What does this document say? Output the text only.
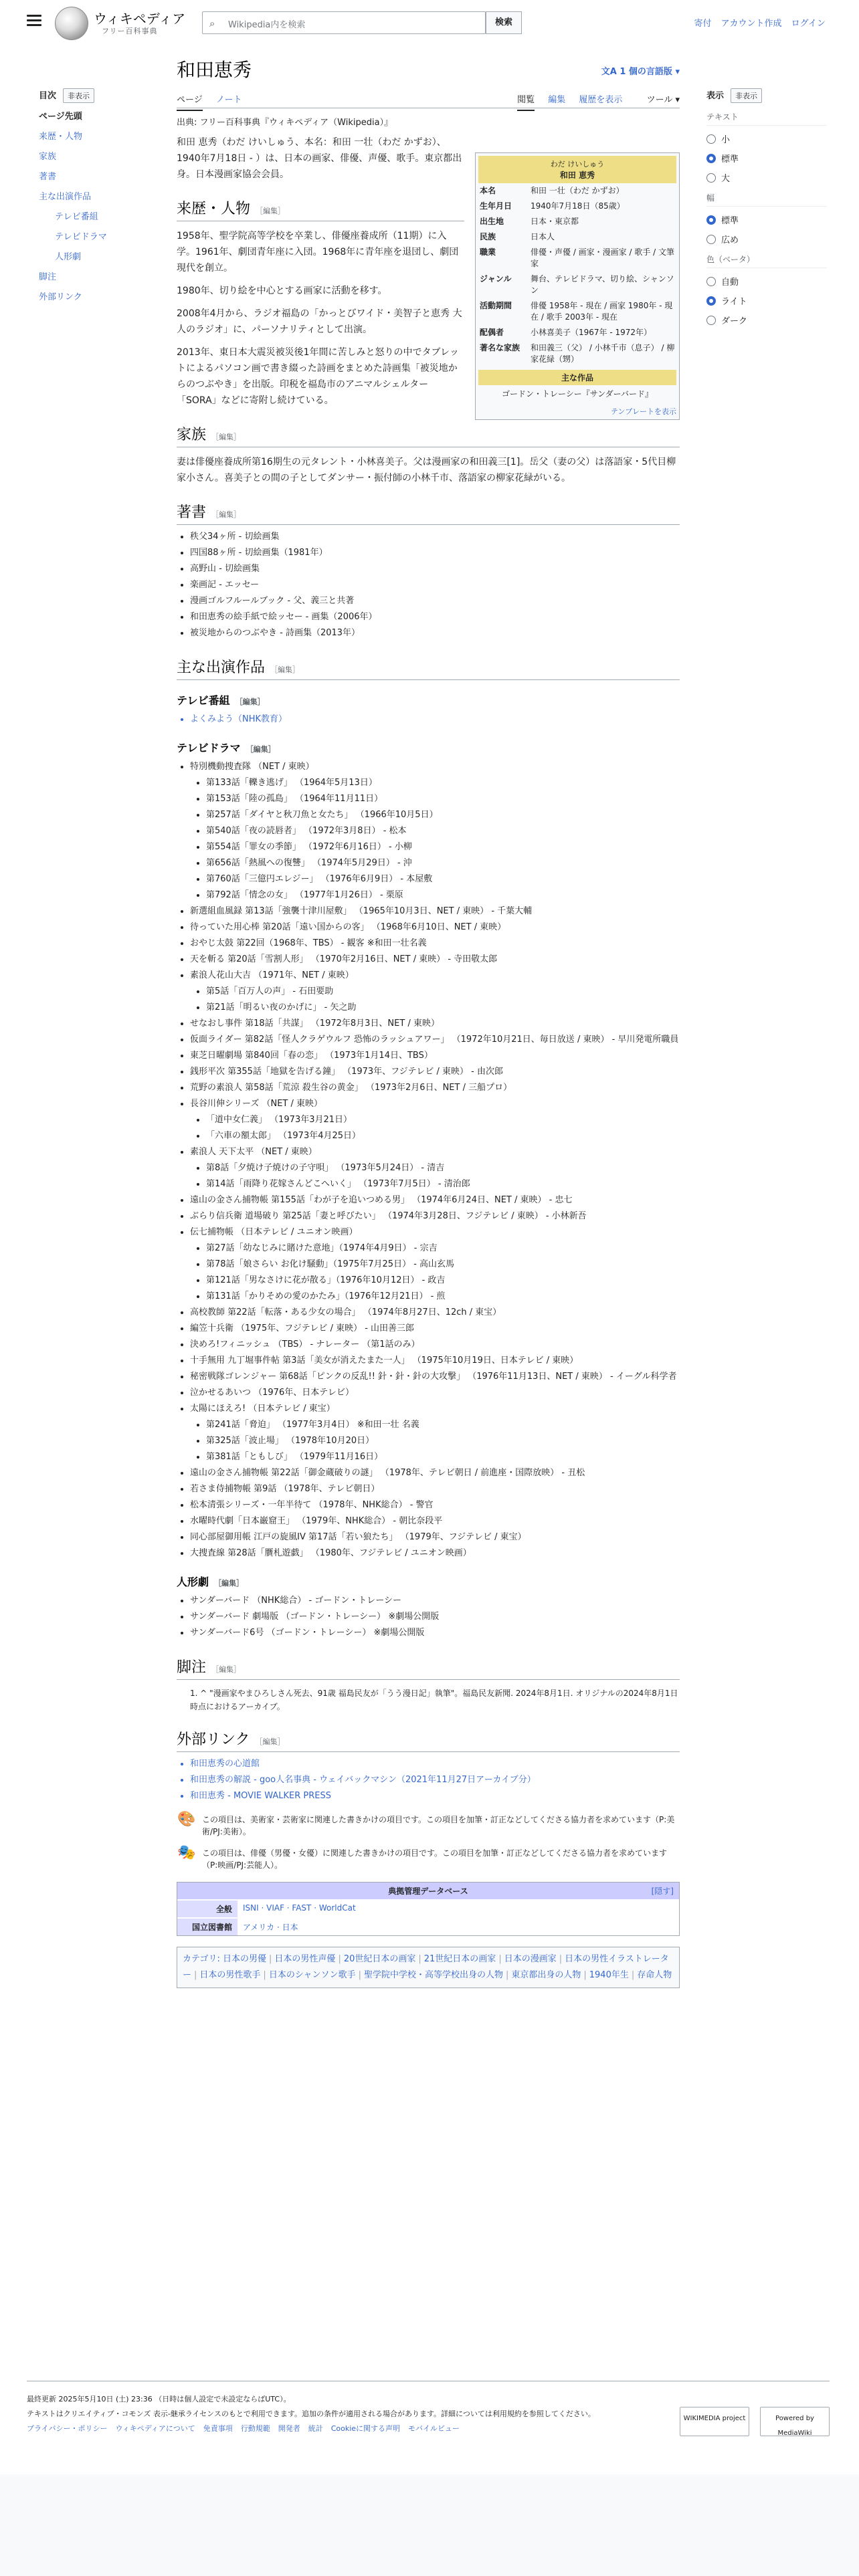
ウィキペディア
フリー百科事典
⌕ Wikipedia内を検索	検索	寄付 アカウント作成 ログイン
目次 非表示
ページ先頭
来歴・人物
家族
著書
主な出演作品
テレビ番組
テレビドラマ
人形劇
脚注
外部リンク
和田恵秀	文A 1 個の言語版 ▾
ページ ノート	閲覧 編集 履歴を表示	ツール ▾
出典: フリー百科事典『ウィキペディア（Wikipedia）』

和田 恵秀（わだ けいしゅう、本名：和田 一壮（わだ かずお）、1940年7月18日 - ）は、日本の画家、俳優、声優、歌手。東京都出身。日本漫画家協会会員。

来歴・人物 ［編集］

1958年、聖学院高等学校を卒業し、俳優座養成所（11期）に入学。1961年、劇団青年座に入団。1968年に青年座を退団し、劇団現代を創立。

1980年、切り絵を中心とする画家に活動を移す。

2008年4月から、ラジオ福島の「かっとびワイド・美智子と恵秀 大人のラジオ」に、パーソナリティとして出演。

2013年、東日本大震災被災後1年間に苦しみと怒りの中でタブレットによるパソコン画で書き綴った詩画をまとめた詩画集「被災地からのつぶやき」を出版。印税を福島市のアニマルシェルター「SORA」などに寄附し続けている。

家族 ［編集］

妻は俳優座養成所第16期生の元タレント・小林喜美子。父は漫画家の和田義三[1]。岳父（妻の父）は落語家・5代目柳家小さん。喜美子との間の子としてダンサー・振付師の小林千市、落語家の柳家花緑がいる。

著書 ［編集］
• 秩父34ヶ所 - 切絵画集
• 四国88ヶ所 - 切絵画集（1981年）
• 高野山 - 切絵画集
• 楽画記 - エッセー
• 漫画ゴルフルールブック - 父、義三と共著
• 和田恵秀の絵手紙で絵ッセー - 画集（2006年）
• 被災地からのつぶやき - 詩画集（2013年）
主な出演作品 ［編集］
テレビ番組 ［編集］
• よくみよう（NHK教育）
テレビドラマ ［編集］
• 特別機動捜査隊 （NET / 東映）
• 第133話「轢き逃げ」 （1964年5月13日）
• 第153話「陸の孤島」 （1964年11月11日）
• 第257話「ダイヤと秋刀魚と女たち」 （1966年10月5日）
• 第540話「夜の読唇者」 （1972年3月8日） - 松本
• 第554話「罪女の季節」 （1972年6月16日） - 小柳
• 第656話「熱風への復讐」 （1974年5月29日） - 沖
• 第760話「三億円エレジー」 （1976年6月9日） - 本屋敷
• 第792話「情念の女」 （1977年1月26日） - 栗原
• 新選組血風録 第13話「強襲十津川屋敷」 （1965年10月3日、NET / 東映） - 千葉大輔
• 待っていた用心棒 第20話「遠い国からの客」 （1968年6月10日、NET / 東映）
• おやじ太鼓 第22回（1968年、TBS） - 観客 ※和田一壮名義
• 天を斬る 第20話「雪割人形」 （1970年2月16日、NET / 東映） - 寺田敬太郎
• 素浪人花山大吉 （1971年、NET / 東映）
• 第5話「百万人の声」 - 石田要助
• 第21話「明るい夜のかげに」 - 矢之助
• せなおし事件 第18話「共謀」 （1972年8月3日、NET / 東映）
• 仮面ライダー 第82話「怪人クラゲウルフ 恐怖のラッシュアワー」 （1972年10月21日、毎日放送 / 東映） - 早川発電所職員
• 東芝日曜劇場 第840回「春の恋」 （1973年1月14日、TBS）
• 銭形平次 第355話「地獄を告げる鐘」 （1973年、フジテレビ / 東映） - 由次郎
• 荒野の素浪人 第58話「荒涼 殺生谷の黄金」 （1973年2月6日、NET / 三船プロ）
• 長谷川伸シリーズ （NET / 東映）
• 「道中女仁義」 （1973年3月21日）
• 「六車の額太郎」 （1973年4月25日）
• 素浪人 天下太平 （NET / 東映）
• 第8話「夕焼け子焼けの子守唄」 （1973年5月24日） - 清吉
• 第14話「雨降り花嫁さんどこへいく」 （1973年7月5日） - 清治郎
• 遠山の金さん捕物帳 第155話「わが子を追いつめる男」 （1974年6月24日、NET / 東映） - 忠七
• ぶらり信兵衛 道場破り 第25話「妻と呼びたい」 （1974年3月28日、フジテレビ / 東映） - 小林新吾
• 伝七捕物帳 （日本テレビ / ユニオン映画）
• 第27話「幼なじみに賭けた意地」（1974年4月9日） - 宗吉
• 第78話「娘さらい お化け騒動」（1975年7月25日） - 高山玄馬
• 第121話「男なさけに花が散る」（1976年10月12日） - 政吉
• 第131話「かりそめの愛のかたみ」（1976年12月21日） - 煎
• 高校教師 第22話「転落・ある少女の場合」 （1974年8月27日、12ch / 東宝）
• 編笠十兵衛 （1975年、フジテレビ / 東映） - 山田善三郎
• 決めろ!フィニッシュ （TBS） - ナレーター （第1話のみ）
• 十手無用 九丁堀事件帖 第3話「美女が消えたまた一人」 （1975年10月19日、日本テレビ / 東映）
• 秘密戦隊ゴレンジャー 第68話「ピンクの反乱!! 針・針・針の大攻撃」 （1976年11月13日、NET / 東映） - イーグル科学者
• 泣かせるあいつ （1976年、日本テレビ）
• 太陽にほえろ! （日本テレビ / 東宝）
• 第241話「脅迫」 （1977年3月4日） ※和田一壮 名義
• 第325話「波止場」 （1978年10月20日）
• 第381話「ともしび」 （1979年11月16日）
• 遠山の金さん捕物帳 第22話「御金蔵破りの謎」 （1978年、テレビ朝日 / 前進座・国際放映） - 丑松
• 若さま侍捕物帳 第9話 （1978年、テレビ朝日）
• 松本清張シリーズ・一年半待て （1978年、NHK総合） - 警官
• 水曜時代劇「日本巌窟王」 （1979年、NHK総合） - 朝比奈段平
• 同心部屋御用帳 江戸の旋風IV 第17話「若い狼たち」 （1979年、フジテレビ / 東宝）
• 大捜査線 第28話「贋札遊戯」 （1980年、フジテレビ / ユニオン映画）
人形劇 ［編集］
• サンダーバード （NHK総合） - ゴードン・トレーシー
• サンダーバード 劇場版 （ゴードン・トレーシー） ※劇場公開版
• サンダーバード6号 （ゴードン・トレーシー） ※劇場公開版
脚注 ［編集］

1. ^ "漫画家やまひろしさん死去、91歳 福島民友が「うう漫日記」執筆"。福島民友新聞. 2024年8月1日. オリジナルの2024年8月1日時点におけるアーカイブ。

外部リンク ［編集］
• 和田恵秀の心道館
• 和田恵秀の解説 - goo人名事典 - ウェイバックマシン（2021年11月27日アーカイブ分）
• 和田恵秀 - MOVIE WALKER PRESS
🎨 この項目は、美術家・芸術家に関連した書きかけの項目です。この項目を加筆・訂正などしてくださる協力者を求めています（P:美術/PJ:美術）。
🎭 この項目は、俳優（男優・女優）に関連した書きかけの項目です。この項目を加筆・訂正などしてくださる協力者を求めています（P:映画/PJ:芸能人）。
典拠管理データベース	[隠す]
全般	ISNI · VIAF · FAST · WorldCat
国立図書館	アメリカ · 日本
カテゴリ: 日本の男優 | 日本の男性声優 | 20世紀日本の画家 | 21世紀日本の画家 | 日本の漫画家 | 日本の男性イラストレーター | 日本の男性歌手 | 日本のシャンソン歌手 | 聖学院中学校・高等学校出身の人物 | 東京都出身の人物 | 1940年生 | 存命人物
わだ けいしゅう
和田 恵秀
本名	和田 一壮（わだ かずお）
生年月日	1940年7月18日（85歳）
出生地	日本・東京都
民族	日本人
職業	俳優・声優 / 画家・漫画家 / 歌手 / 文筆家
ジャンル	舞台、テレビドラマ、切り絵、シャンソン
活動期間	俳優 1958年 - 現在 / 画家 1980年 - 現在 / 歌手 2003年 - 現在
配偶者	小林喜美子（1967年 - 1972年）
著名な家族	和田義三（父） / 小林千市（息子） / 柳家花緑（甥）
主な作品
ゴードン・トレーシー『サンダーバード』
テンプレートを表示
表示 非表示
テキスト
小
標準
大
幅
標準
広め
色（ベータ）
自動
ライト
ダーク
最終更新 2025年5月10日 (土) 23:36 （日時は個人設定で未設定ならばUTC）。
テキストはクリエイティブ・コモンズ 表示-継承ライセンスのもとで利用できます。追加の条件が適用される場合があります。詳細については利用規約を参照してください。
プライバシー・ポリシー ウィキペディアについて 免責事項 行動規範 開発者 統計 Cookieに関する声明 モバイルビュー
WIKIMEDIA project	Powered by MediaWiki
